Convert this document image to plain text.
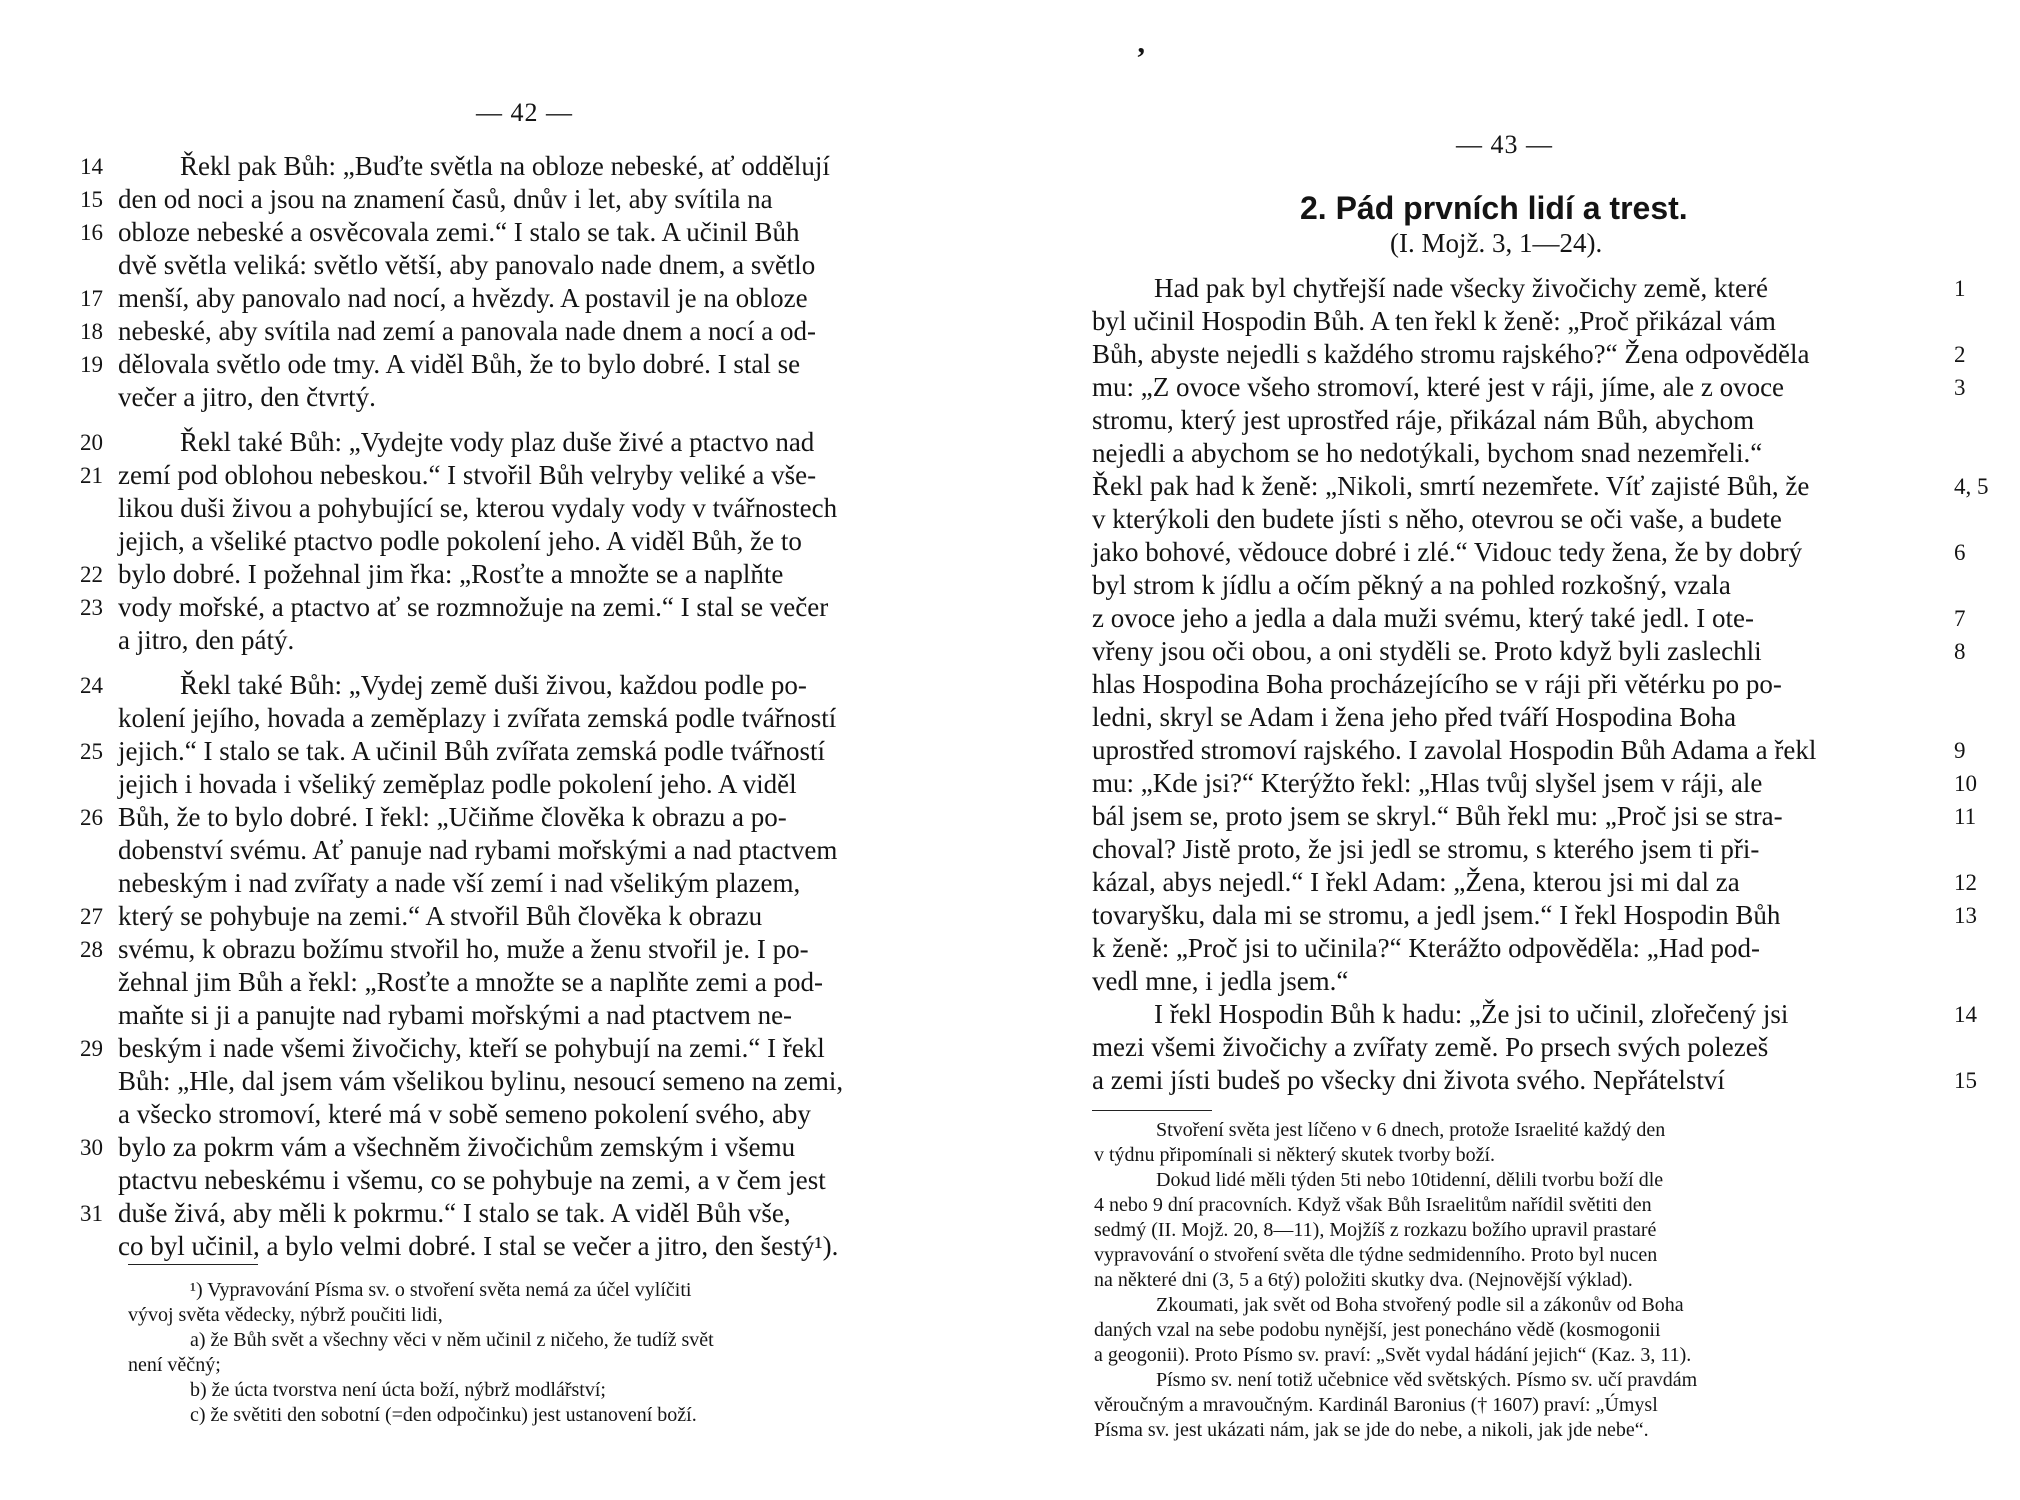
— 42 —
14	Řekl pak Bůh: „Buďte světla na obloze nebeské, ať oddělují
15 den od noci a jsou na znamení časů, dnův i let, aby svítila na
16 obloze nebeské a osvěcovala zemi.“ I stalo se tak. A učinil Bůh
dvě světla veliká: světlo větší, aby panovalo nade dnem, a světlo
17 menší, aby panovalo nad nocí, a hvězdy. A postavil je na obloze
18 nebeské, aby svítila nad zemí a panovala nade dnem a nocí a od-
19 dělovala světlo ode tmy. A viděl Bůh, že to bylo dobré. I stal se
večer a jitro, den čtvrtý.
20	Řekl také Bůh: „Vydejte vody plaz duše živé a ptactvo nad
21 zemí pod oblohou nebeskou.“ I stvořil Bůh velryby veliké a vše-
likou duši živou a pohybující se, kterou vydaly vody v tvářnostech
jejich, a všeliké ptactvo podle pokolení jeho. A viděl Bůh, že to
22 bylo dobré. I požehnal jim řka: „Rosťte a množte se a naplňte
23 vody mořské, a ptactvo ať se rozmnožuje na zemi.“ I stal se večer
a jitro, den pátý.
24	Řekl také Bůh: „Vydej země duši živou, každou podle po-
kolení jejího, hovada a zeměplazy i zvířata zemská podle tvářností
25 jejich.“ I stalo se tak. A učinil Bůh zvířata zemská podle tvářností
jejich i hovada i všeliký zeměplaz podle pokolení jeho. A viděl
26 Bůh, že to bylo dobré. I řekl: „Učiňme člověka k obrazu a po-
dobenství svému. Ať panuje nad rybami mořskými a nad ptactvem
nebeským i nad zvířaty a nade vší zemí i nad všelikým plazem,
27 který se pohybuje na zemi.“ A stvořil Bůh člověka k obrazu
28 svému, k obrazu božímu stvořil ho, muže a ženu stvořil je. I po-
žehnal jim Bůh a řekl: „Rosťte a množte se a naplňte zemi a pod-
maňte si ji a panujte nad rybami mořskými a nad ptactvem ne-
29 beským i nade všemi živočichy, kteří se pohybují na zemi.“ I řekl
Bůh: „Hle, dal jsem vám všelikou bylinu, nesoucí semeno na zemi,
a všecko stromoví, které má v sobě semeno pokolení svého, aby
30 bylo za pokrm vám a všechněm živočichům zemským i všemu
ptactvu nebeskému i všemu, co se pohybuje na zemi, a v čem jest
31 duše živá, aby měli k pokrmu.“ I stalo se tak. A viděl Bůh vše,
co byl učinil, a bylo velmi dobré. I stal se večer a jitro, den šestý¹).
¹) Vypravování Písma sv. o stvoření světa nemá za účel vylíčiti
vývoj světa vědecky, nýbrž poučiti lidi,
a) že Bůh svět a všechny věci v něm učinil z ničeho, že tudíž svět
není věčný;
b) že úcta tvorstva není úcta boží, nýbrž modlářství;
c) že světiti den sobotní (=den odpočinku) jest ustanovení boží.
ʼ
— 43 —
2. Pád prvních lidí a trest.
(I. Mojž. 3, 1—24).
1
Had pak byl chytřejší nade všecky živočichy země, které
byl učinil Hospodin Bůh. A ten řekl k ženě: „Proč přikázal vám
2
Bůh, abyste nejedli s každého stromu rajského?“ Žena odpověděla
3
mu: „Z ovoce všeho stromoví, které jest v ráji, jíme, ale z ovoce
stromu, který jest uprostřed ráje, přikázal nám Bůh, abychom
nejedli a abychom se ho nedotýkali, bychom snad nezemřeli.“
4, 5
Řekl pak had k ženě: „Nikoli, smrtí nezemřete. Víť zajisté Bůh, že
v kterýkoli den budete jísti s něho, otevrou se oči vaše, a budete
6
jako bohové, vědouce dobré i zlé.“ Vidouc tedy žena, že by dobrý
byl strom k jídlu a očím pěkný a na pohled rozkošný, vzala
7
z ovoce jeho a jedla a dala muži svému, který také jedl. I ote-
8
vřeny jsou oči obou, a oni styděli se. Proto když byli zaslechli
hlas Hospodina Boha procházejícího se v ráji při větérku po po-
ledni, skryl se Adam i žena jeho před tváří Hospodina Boha
9
uprostřed stromoví rajského. I zavolal Hospodin Bůh Adama a řekl
10
mu: „Kde jsi?“ Kterýžto řekl: „Hlas tvůj slyšel jsem v ráji, ale
11
bál jsem se, proto jsem se skryl.“ Bůh řekl mu: „Proč jsi se stra-
choval? Jistě proto, že jsi jedl se stromu, s kterého jsem ti při-
12
kázal, abys nejedl.“ I řekl Adam: „Žena, kterou jsi mi dal za
13
tovaryšku, dala mi se stromu, a jedl jsem.“ I řekl Hospodin Bůh
k ženě: „Proč jsi to učinila?“ Kterážto odpověděla: „Had pod-
vedl mne, i jedla jsem.“
14
I řekl Hospodin Bůh k hadu: „Že jsi to učinil, zlořečený jsi
mezi všemi živočichy a zvířaty země. Po prsech svých polezeš
15
a zemi jísti budeš po všecky dni života svého. Nepřátelství
Stvoření světa jest líčeno v 6 dnech, protože Israelité každý den
v týdnu připomínali si některý skutek tvorby boží.
Dokud lidé měli týden 5ti nebo 10tidenní, dělili tvorbu boží dle
4 nebo 9 dní pracovních. Když však Bůh Israelitům nařídil světiti den
sedmý (II. Mojž. 20, 8—11), Mojžíš z rozkazu božího upravil prastaré
vypravování o stvoření světa dle týdne sedmidenního. Proto byl nucen
na některé dni (3, 5 a 6tý) položiti skutky dva. (Nejnovější výklad).
Zkoumati, jak svět od Boha stvořený podle sil a zákonův od Boha
daných vzal na sebe podobu nynější, jest ponecháno vědě (kosmogonii
a geogonii). Proto Písmo sv. praví: „Svět vydal hádání jejich“ (Kaz. 3, 11).
Písmo sv. není totiž učebnice věd světských. Písmo sv. učí pravdám
věroučným a mravoučným. Kardinál Baronius († 1607) praví: „Úmysl
Písma sv. jest ukázati nám, jak se jde do nebe, a nikoli, jak jde nebe“.
